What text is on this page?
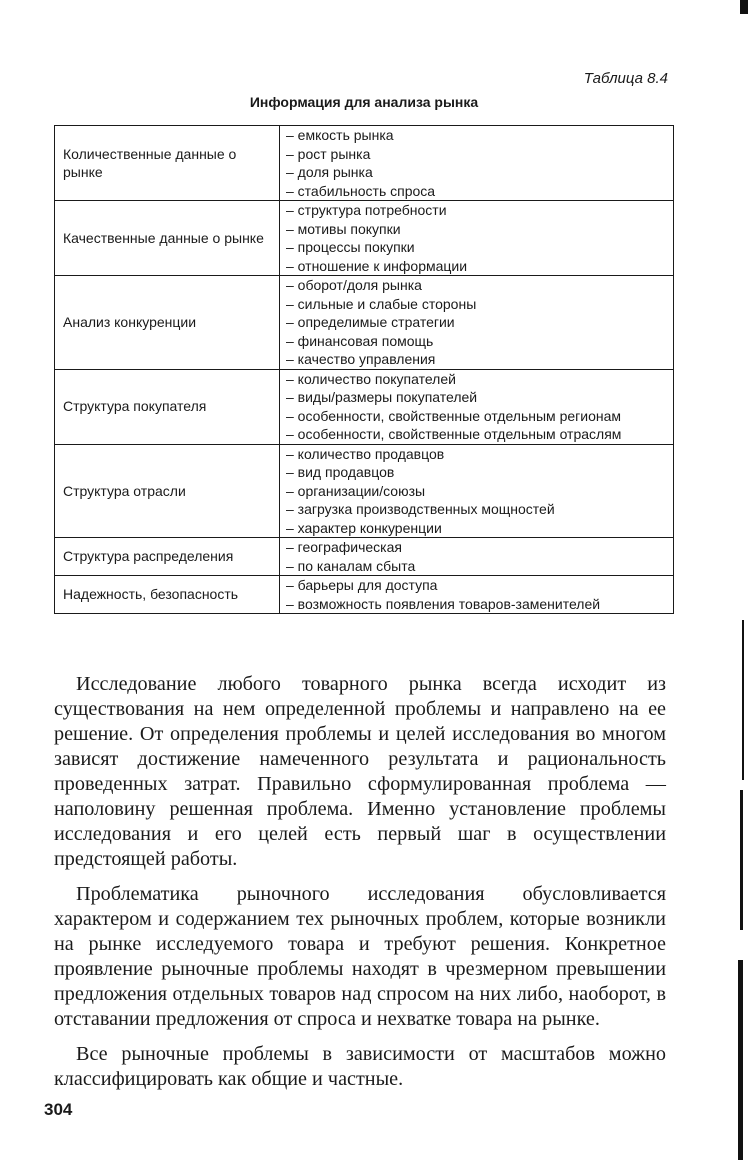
Таблица 8.4
Информация для анализа рынка
Количественные данные о рынке	– емкость рынка
– рост рынка
– доля рынка
– стабильность спроса

Качественные данные о рынке	– структура потребности
– мотивы покупки
– процессы покупки
– отношение к информации

Анализ конкуренции	– оборот/доля рынка
– сильные и слабые стороны
– определимые стратегии
– финансовая помощь
– качество управления

Структура покупателя	– количество покупателей
– виды/размеры покупателей
– особенности, свойственные отдельным регионам
– особенности, свойственные отдельным отраслям

Структура отрасли	– количество продавцов
– вид продавцов
– организации/союзы
– загрузка производственных мощностей
– характер конкуренции

Структура распределения	– географическая
– по каналам сбыта

Надежность, безопасность	– барьеры для доступа
– возможность появления товаров-заменителей

Исследование любого товарного рынка всегда исходит из существования на нем определенной проблемы и направлено на ее решение. От определения проблемы и целей исследования во многом зависят достижение намеченного результата и рациональность проведенных затрат. Правильно сформулированная проблема — наполовину решенная проблема. Именно установление проблемы исследования и его целей есть первый шаг в осуществлении предстоящей работы.

Проблематика рыночного исследования обусловливается характером и содержанием тех рыночных проблем, которые возникли на рынке исследуемого товара и требуют решения. Конкретное проявление рыночные проблемы находят в чрезмерном превышении предложения отдельных товаров над спросом на них либо, наоборот, в отставании предложения от спроса и нехватке товара на рынке.

Все рыночные проблемы в зависимости от масштабов можно классифицировать как общие и частные.

304
